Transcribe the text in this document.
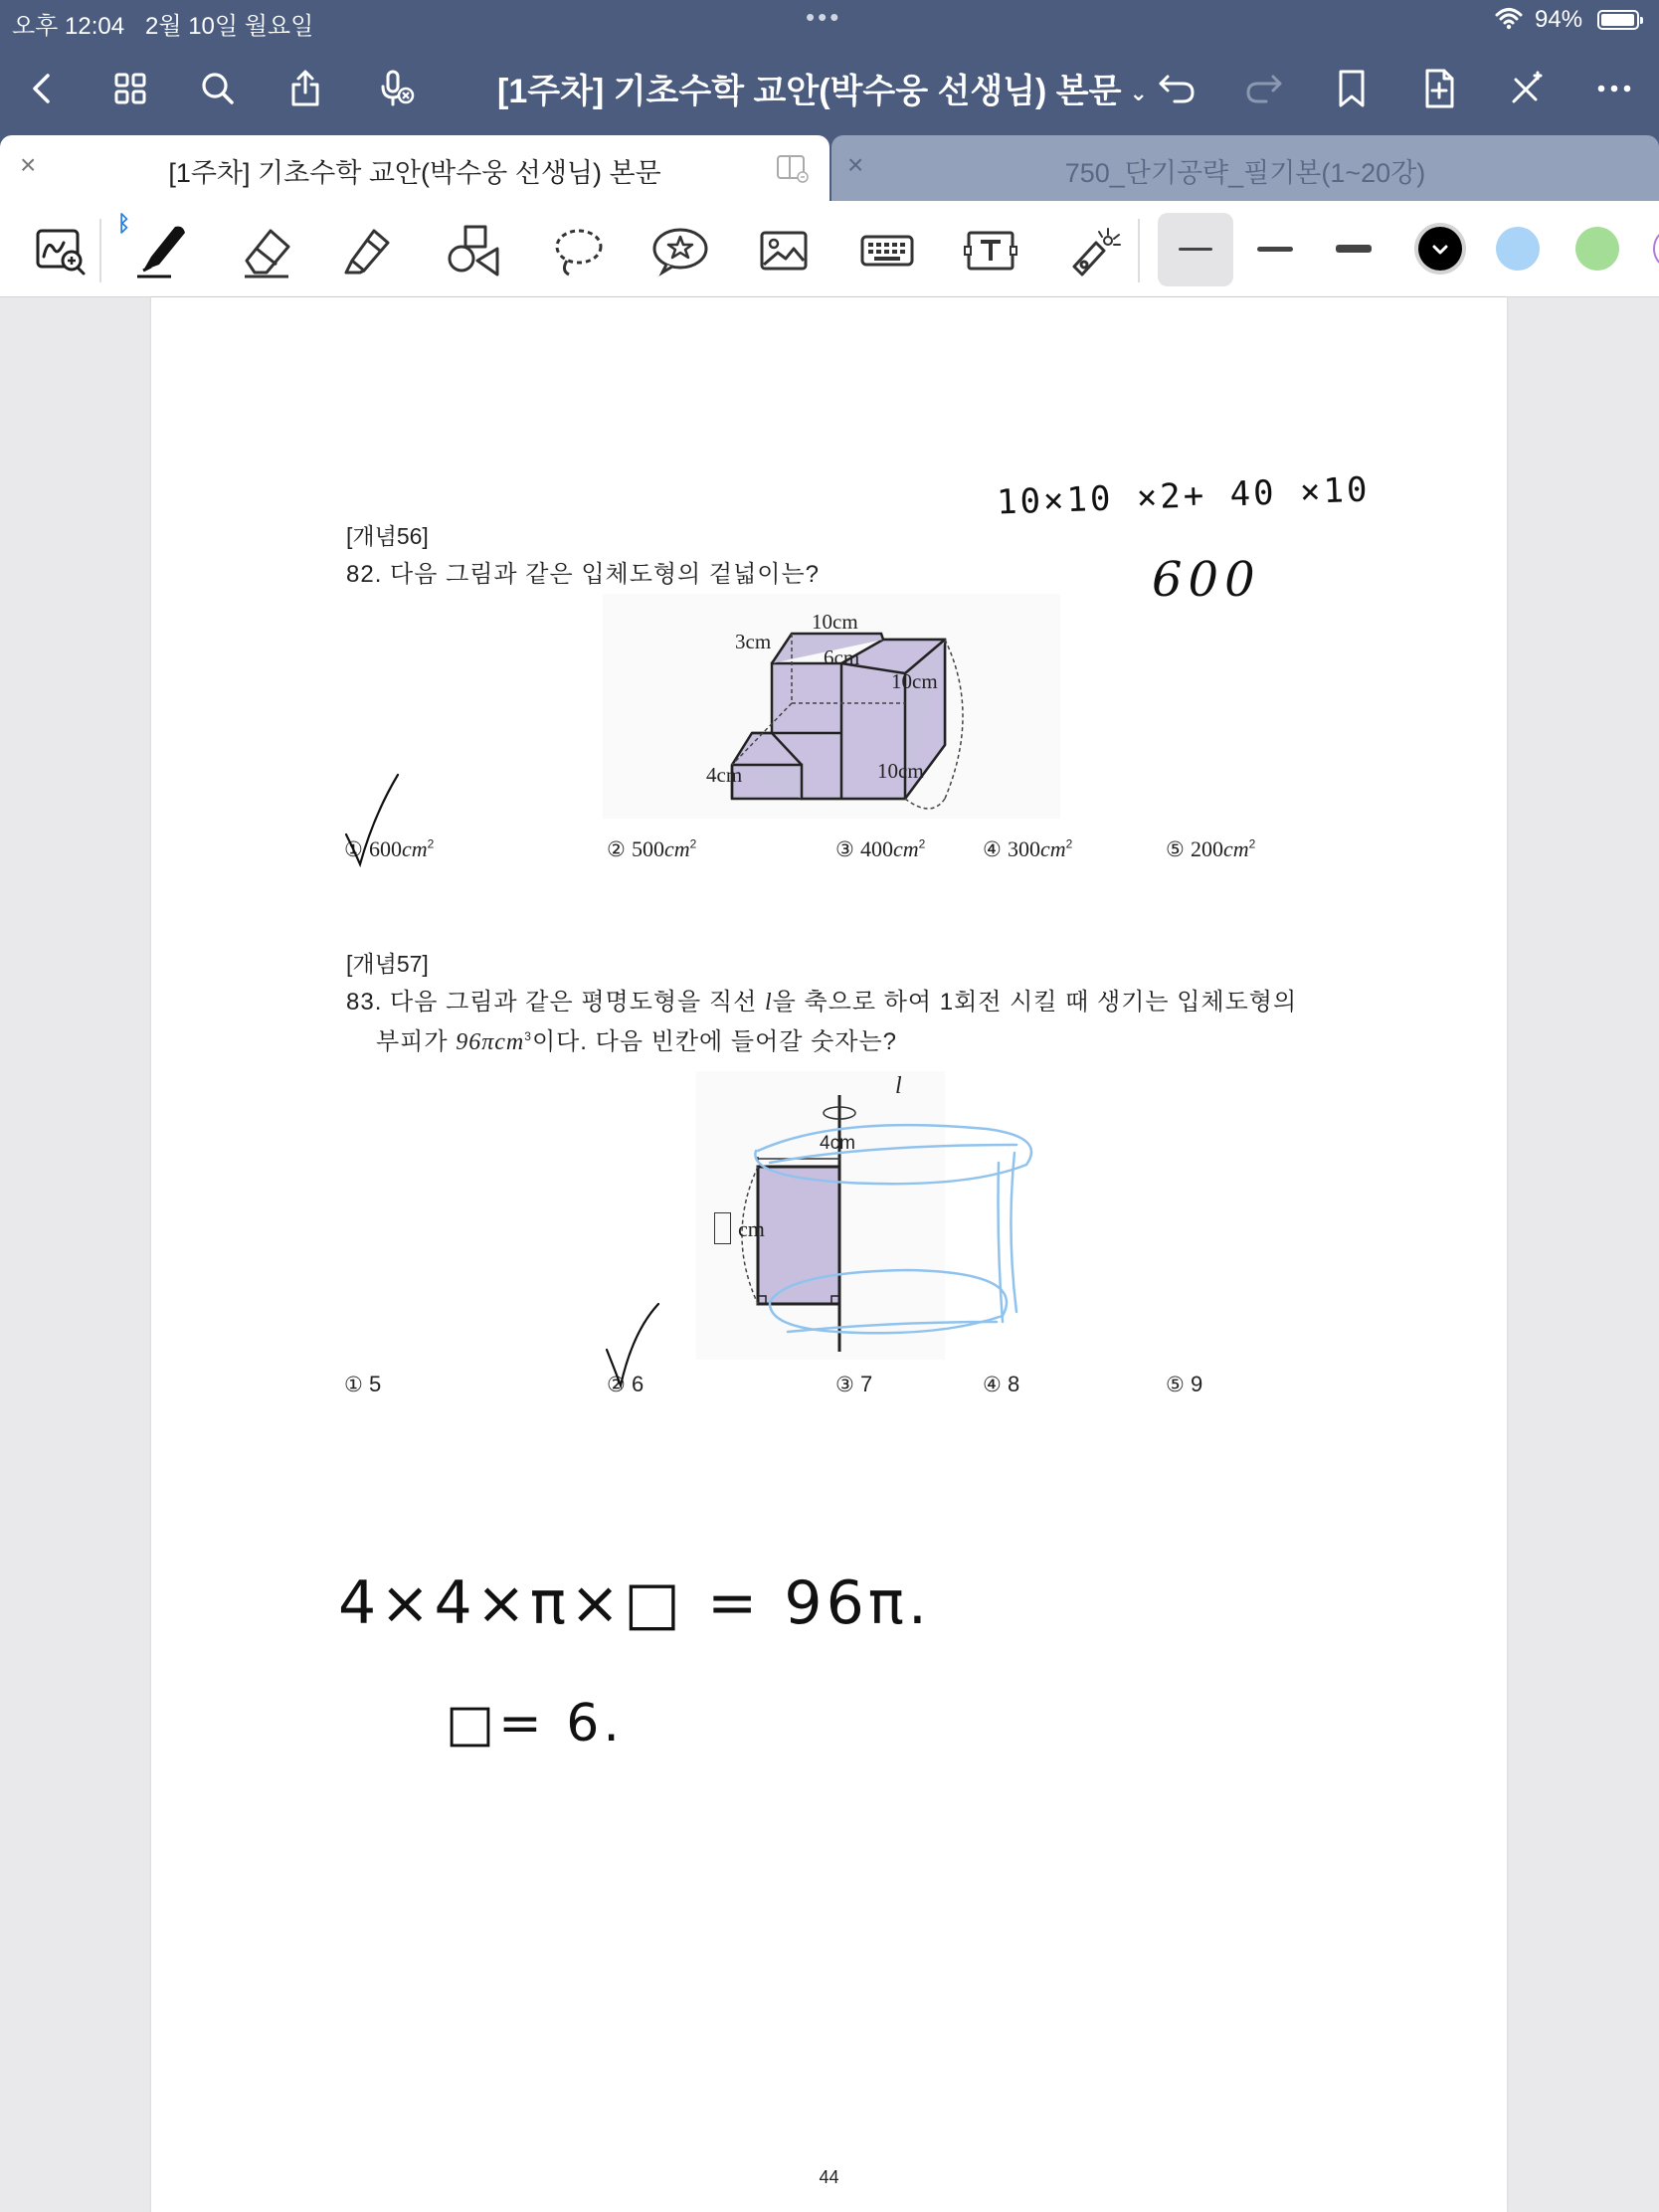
오후 12:04 2월 10일 월요일	•••	94%
[1주차] 기초수학 교안(박수웅 선생님) 본문 ⌄
×	[1주차] 기초수학 교안(박수웅 선생님) 본문	×	750_단기공략_필기본(1~20강)
ᛒ
[개념56]
82. 다음 그림과 같은 입체도형의 겉넓이는?
10cm
3cm
6cm
10cm
4cm	10cm
① $600cm^2$	② $500cm^2$	③ $400cm^2$	④ $300cm^2$	⑤ $200cm^2$
[개념57]
83. 다음 그림과 같은 평명도형을 직선 l을 축으로 하여 1회전 시킬 때 생기는 입체도형의
부피가 96πcm$^3$이다. 다음 빈칸에 들어갈 숫자는?
l
4cm
cm
① 5	② 6	③ 7	④ 8	⑤ 9
10×10 ×2+ 40 ×10
600
4×4×π×□ = 96π.
□= 6.
44
